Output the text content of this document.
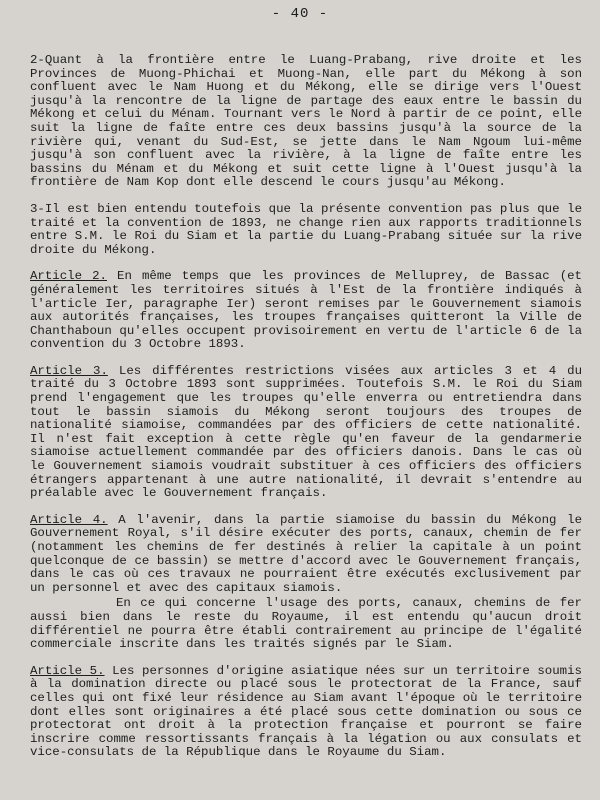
- 40 -

2-Quant à la frontière entre le Luang-Prabang, rive droite et les Provinces de Muong-Phichai et Muong-Nan, elle part du Mékong à son confluent avec le Nam Huong et du Mékong, elle se dirige vers l'Ouest jusqu'à la rencontre de la ligne de partage des eaux entre le bassin du Mékong et celui du Ménam. Tournant vers le Nord à partir de ce point, elle suit la ligne de faîte entre ces deux bassins jusqu'à la source de la rivière qui, venant du Sud-Est, se jette dans le Nam Ngoum lui-même jusqu'à son confluent avec la rivière, à la ligne de faîte entre les bassins du Ménam et du Mékong et suit cette ligne à l'Ouest jusqu'à la frontière de Nam Kop dont elle descend le cours jusqu'au Mékong.

3-Il est bien entendu toutefois que la présente convention pas plus que le traité et la convention de 1893, ne change rien aux rapports traditionnels entre S.M. le Roi du Siam et la partie du Luang-Prabang située sur la rive droite du Mékong.

Article 2. En même temps que les provinces de Melluprey, de Bassac (et généralement les territoires situés à l'Est de la frontière indiqués à l'article Ier, paragraphe Ier) seront remises par le Gouvernement siamois aux autorités françaises, les troupes françaises quitteront la Ville de Chanthaboun qu'elles occupent provisoirement en vertu de l'article 6 de la convention du 3 Octobre 1893.

Article 3. Les différentes restrictions visées aux articles 3 et 4 du traité du 3 Octobre 1893 sont supprimées. Toutefois S.M. le Roi du Siam prend l'engagement que les troupes qu'elle enverra ou entretiendra dans tout le bassin siamois du Mékong seront toujours des troupes de nationalité siamoise, commandées par des officiers de cette nationalité. Il n'est fait exception à cette règle qu'en faveur de la gendarmerie siamoise actuellement commandée par des officiers danois. Dans le cas où le Gouvernement siamois voudrait substituer à ces officiers des officiers étrangers appartenant à une autre nationalité, il devrait s'entendre au préalable avec le Gouvernement français.

Article 4. A l'avenir, dans la partie siamoise du bassin du Mékong le Gouvernement Royal, s'il désire exécuter des ports, canaux, chemin de fer (notamment les chemins de fer destinés à relier la capitale à un point quelconque de ce bassin) se mettre d'accord avec le Gouvernement français, dans le cas où ces travaux ne pourraient être exécutés exclusivement par un personnel et avec des capitaux siamois.

En ce qui concerne l'usage des ports, canaux, chemins de fer aussi bien dans le reste du Royaume, il est entendu qu'aucun droit différentiel ne pourra être établi contrairement au principe de l'égalité commerciale inscrite dans les traités signés par le Siam.

Article 5. Les personnes d'origine asiatique nées sur un territoire soumis à la domination directe ou placé sous le protectorat de la France, sauf celles qui ont fixé leur résidence au Siam avant l'époque où le territoire dont elles sont originaires a été placé sous cette domination ou sous ce protectorat ont droit à la protection française et pourront se faire inscrire comme ressortissants français à la légation ou aux consulats et vice-consulats de la République dans le Royaume du Siam.
